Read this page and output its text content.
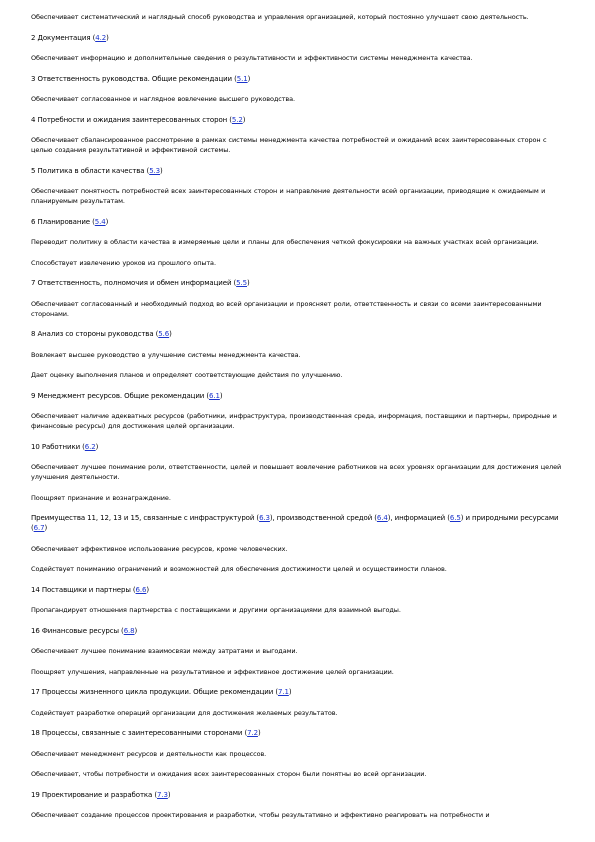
Обеспечивает систематический и наглядный способ руководства и управления организацией, который постоянно улучшает свою деятельность.
2 Документация (4.2)
Обеспечивает информацию и дополнительные сведения о результативности и эффективности системы менеджмента качества.
3 Ответственность руководства. Общие рекомендации (5.1)
Обеспечивает согласованное и наглядное вовлечение высшего руководства.
4 Потребности и ожидания заинтересованных сторон (5.2)
Обеспечивает сбалансированное рассмотрение в рамках системы менеджмента качества потребностей и ожиданий всех заинтересованных сторон с целью создания результативной и эффективной системы.
5 Политика в области качества (5.3)
Обеспечивает понятность потребностей всех заинтересованных сторон и направление деятельности всей организации, приводящие к ожидаемым и планируемым результатам.
6 Планирование (5.4)
Переводит политику в области качества в измеряемые цели и планы для обеспечения четкой фокусировки на важных участках всей организации.
Способствует извлечению уроков из прошлого опыта.
7 Ответственность, полномочия и обмен информацией (5.5)
Обеспечивает согласованный и необходимый подход во всей организации и проясняет роли, ответственность и связи со всеми заинтересованными сторонами.
8 Анализ со стороны руководства (5.6)
Вовлекает высшее руководство в улучшение системы менеджмента качества.
Дает оценку выполнения планов и определяет соответствующие действия по улучшению.
9 Менеджмент ресурсов. Общие рекомендации (6.1)
Обеспечивает наличие адекватных ресурсов (работники, инфраструктура, производственная среда, информация, поставщики и партнеры, природные и финансовые ресурсы) для достижения целей организации.
10 Работники (6.2)
Обеспечивает лучшее понимание роли, ответственности, целей и повышает вовлечение работников на всех уровнях организации для достижения целей улучшения деятельности.
Поощряет признание и вознаграждение.
Преимущества 11, 12, 13 и 15, связанные с инфраструктурой (6.3), производственной средой (6.4), информацией (6.5) и природными ресурсами (6.7)
Обеспечивает эффективное использование ресурсов, кроме человеческих.
Содействует пониманию ограничений и возможностей для обеспечения достижимости целей и осуществимости планов.
14 Поставщики и партнеры (6.6)
Пропагандирует отношения партнерства с поставщиками и другими организациями для взаимной выгоды.
16 Финансовые ресурсы (6.8)
Обеспечивает лучшее понимание взаимосвязи между затратами и выгодами.
Поощряет улучшения, направленные на результативное и эффективное достижение целей организации.
17 Процессы жизненного цикла продукции. Общие рекомендации (7.1)
Содействует разработке операций организации для достижения желаемых результатов.
18 Процессы, связанные с заинтересованными сторонами (7.2)
Обеспечивает менеджмент ресурсов и деятельности как процессов.
Обеспечивает, чтобы потребности и ожидания всех заинтересованных сторон были понятны во всей организации.
19 Проектирование и разработка (7.3)
Обеспечивает создание процессов проектирования и разработки, чтобы результативно и эффективно реагировать на потребности и
